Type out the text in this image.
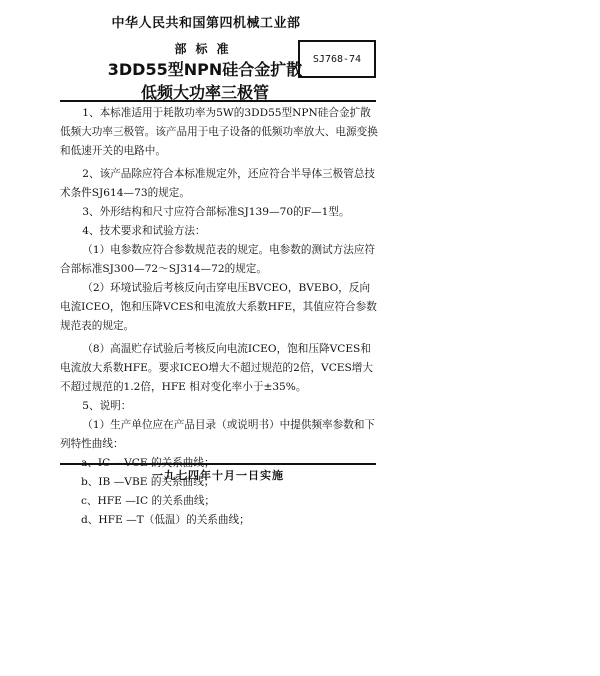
中华人民共和国第四机械工业部
部标准
3DD55型NPN硅合金扩散
低频大功率三极管
SJ768-74

1、本标准适用于耗散功率为5W的3DD55型NPN硅合金扩散低频大功率三极管。该产品用于电子设备的低频功率放大、电源变换和低速开关的电路中。

2、该产品除应符合本标准规定外，还应符合半导体三极管总技术条件SJ614—73的规定。

3、外形结构和尺寸应符合部标准SJ139—70的F—1型。

4、技术要求和试验方法：

（1）电参数应符合参数规范表的规定。电参数的测试方法应符合部标准SJ300—72～SJ314—72的规定。

（2）环境试验后考核反向击穿电压BVCEO，BVEBO，反向电流ICEO，饱和压降VCES和电流放大系数HFE，其值应符合参数规范表的规定。

（8）高温贮存试验后考核反向电流ICEO，饱和压降VCES和电流放大系数HFE。要求ICEO增大不超过规范的2倍，VCES增大不超过规范的1.2倍，HFE 相对变化率小于±35%。

5、说明：

（1）生产单位应在产品目录（或说明书）中提供频率参数和下列特性曲线：

a、IC —VCE 的关系曲线；

b、IB —VBE 的关系曲线；

c、HFE —IC 的关系曲线；

d、HFE —T（低温）的关系曲线；

一九七四年十月一日实施
